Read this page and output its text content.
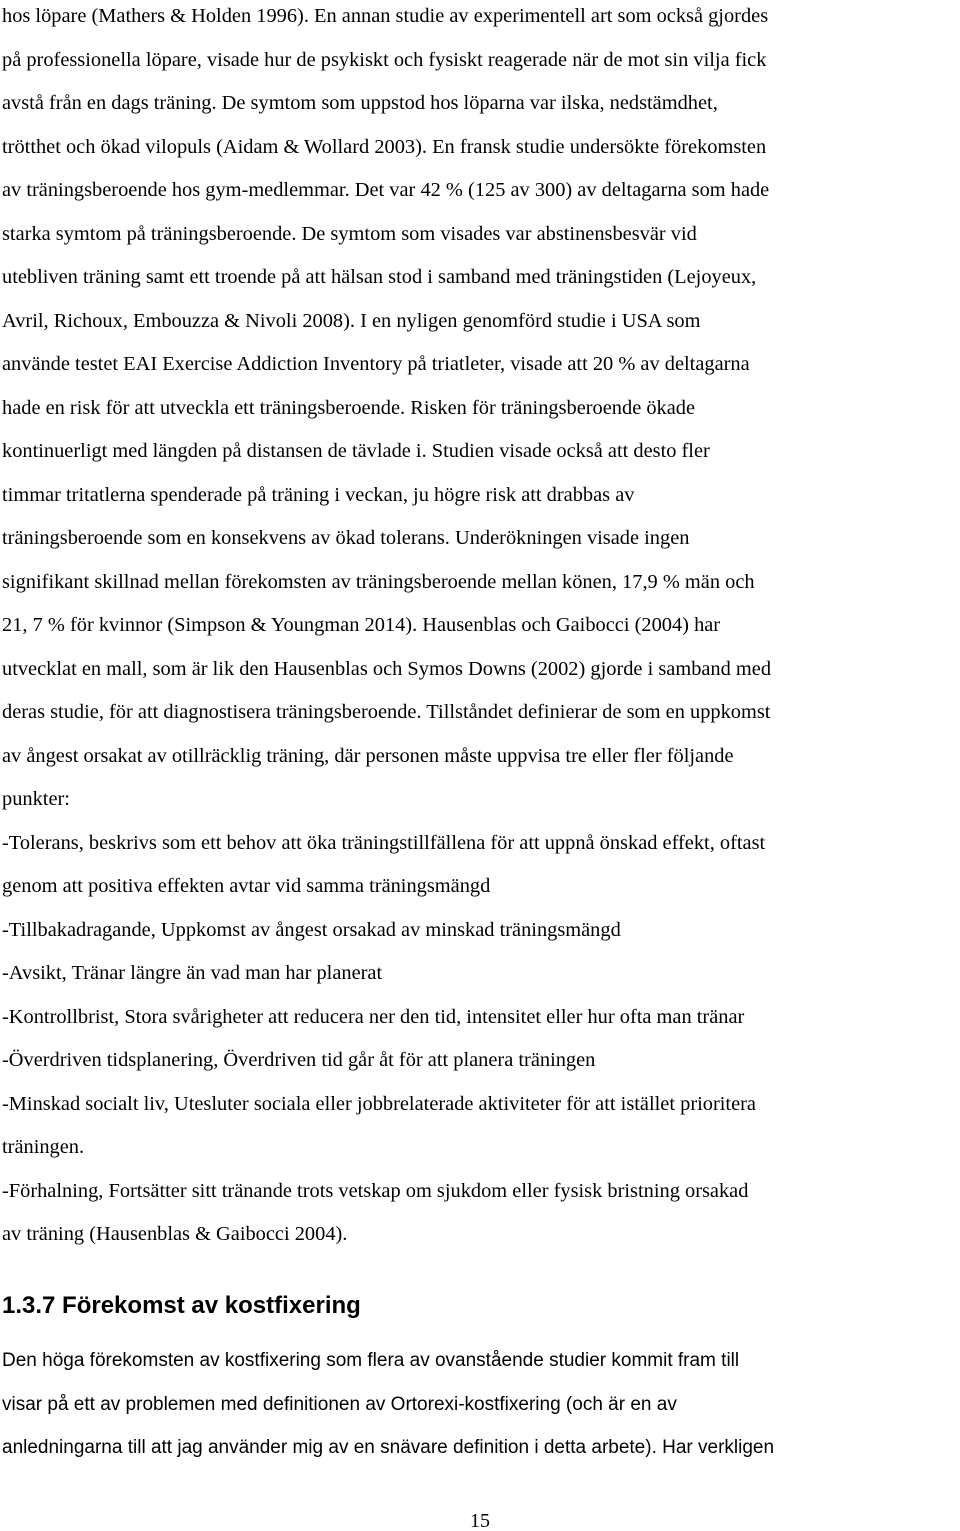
hos löpare (Mathers & Holden 1996). En annan studie av experimentell art som också gjordes
på professionella löpare, visade hur de psykiskt och fysiskt reagerade när de mot sin vilja fick
avstå från en dags träning. De symtom som uppstod hos löparna var ilska, nedstämdhet,
trötthet och ökad vilopuls (Aidam & Wollard 2003). En fransk studie undersökte förekomsten
av träningsberoende hos gym-medlemmar. Det var 42 % (125 av 300) av deltagarna som hade
starka symtom på träningsberoende. De symtom som visades var abstinensbesvär vid
utebliven träning samt ett troende på att hälsan stod i samband med träningstiden (Lejoyeux,
Avril, Richoux, Embouzza & Nivoli 2008). I en nyligen genomförd studie i USA som
använde testet EAI Exercise Addiction Inventory på triatleter, visade att 20 % av deltagarna
hade en risk för att utveckla ett träningsberoende. Risken för träningsberoende ökade
kontinuerligt med längden på distansen de tävlade i. Studien visade också att desto fler
timmar tritatlerna spenderade på träning i veckan, ju högre risk att drabbas av
träningsberoende som en konsekvens av ökad tolerans. Underökningen visade ingen
signifikant skillnad mellan förekomsten av träningsberoende mellan könen, 17,9 % män och
21, 7 % för kvinnor (Simpson & Youngman 2014). Hausenblas och Gaibocci (2004) har
utvecklat en mall, som är lik den Hausenblas och Symos Downs (2002) gjorde i samband med
deras studie, för att diagnostisera träningsberoende. Tillståndet definierar de som en uppkomst
av ångest orsakat av otillräcklig träning, där personen måste uppvisa tre eller fler följande
punkter:
-Tolerans, beskrivs som ett behov att öka träningstillfällena för att uppnå önskad effekt, oftast
genom att positiva effekten avtar vid samma träningsmängd
-Tillbakadragande, Uppkomst av ångest orsakad av minskad träningsmängd
-Avsikt, Tränar längre än vad man har planerat
-Kontrollbrist, Stora svårigheter att reducera ner den tid, intensitet eller hur ofta man tränar
-Överdriven tidsplanering, Överdriven tid går åt för att planera träningen
-Minskad socialt liv, Utesluter sociala eller jobbrelaterade aktiviteter för att istället prioritera
träningen.
-Förhalning, Fortsätter sitt tränande trots vetskap om sjukdom eller fysisk bristning orsakad
av träning (Hausenblas & Gaibocci 2004).
1.3.7 Förekomst av kostfixering
Den höga förekomsten av kostfixering som flera av ovanstående studier kommit fram till
visar på ett av problemen med definitionen av Ortorexi-kostfixering (och är en av
anledningarna till att jag använder mig av en snävare definition i detta arbete). Har verkligen
15
